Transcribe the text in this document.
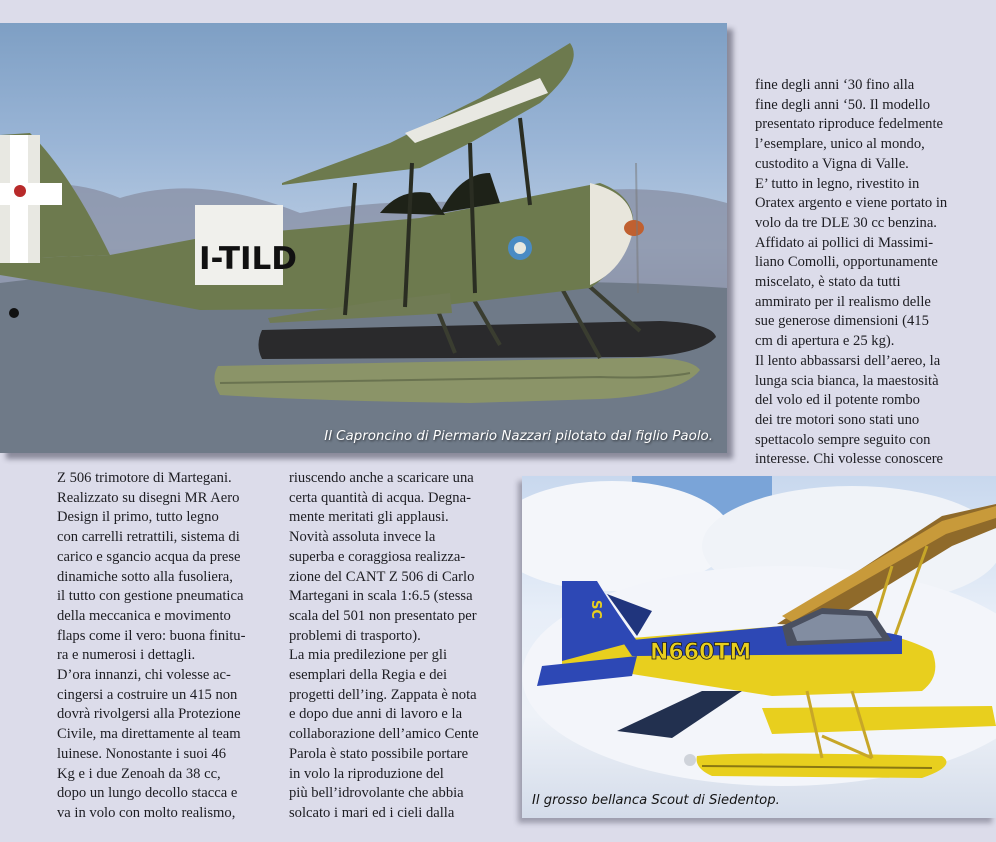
I-TILD
Il Caproncino di Piermario Nazzari pilotato dal figlio Paolo.
fine degli anni ‘30 fino alla
fine degli anni ‘50. Il modello
presentato riproduce fedelmente
l’esemplare, unico al mondo,
custodito a Vigna di Valle.
E’ tutto in legno, rivestito in
Oratex argento e viene portato in
volo da tre DLE 30 cc benzina.
Affidato ai pollici di Massimi-
liano Comolli, opportunamente
miscelato, è stato da tutti
ammirato per il realismo delle
sue generose dimensioni (415
cm di apertura e 25 kg).
Il lento abbassarsi dell’aereo, la
lunga scia bianca, la maestosità
del volo ed il potente rombo
dei tre motori sono stati uno
spettacolo sempre seguito con
interesse. Chi volesse conoscere
Z 506 trimotore di Martegani.
Realizzato su disegni MR Aero
Design il primo, tutto legno
con carrelli retrattili, sistema di
carico e sgancio acqua da prese
dinamiche sotto alla fusoliera,
il tutto con gestione pneumatica
della meccanica e movimento
flaps come il vero: buona finitu-
ra e numerosi i dettagli.
D’ora innanzi, chi volesse ac-
cingersi a costruire un 415 non
dovrà rivolgersi alla Protezione
Civile, ma direttamente al team
luinese. Nonostante i suoi 46
Kg e i due Zenoah da 38 cc,
dopo un lungo decollo stacca e
va in volo con molto realismo,
riuscendo anche a scaricare una
certa quantità di acqua. Degna-
mente meritati gli applausi.
Novità assoluta invece la
superba e coraggiosa realizza-
zione del CANT Z 506 di Carlo
Martegani in scala 1:6.5 (stessa
scala del 501 non presentato per
problemi di trasporto).
La mia predilezione per gli
esemplari della Regia e dei
progetti dell’ing. Zappata è nota
e dopo due anni di lavoro e la
collaborazione dell’amico Cente
Parola è stato possibile portare
in volo la riproduzione del
più bell’idrovolante che abbia
solcato i mari ed i cieli dalla
N660TM
SC
Il grosso bellanca Scout di Siedentop.
